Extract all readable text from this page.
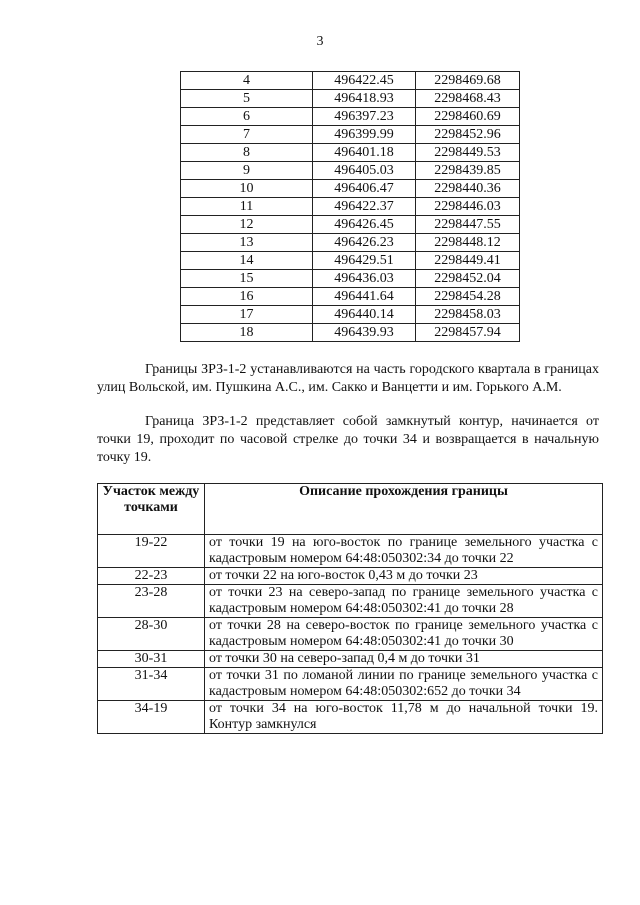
3
4	496422.45	2298469.68
5	496418.93	2298468.43
6	496397.23	2298460.69
7	496399.99	2298452.96
8	496401.18	2298449.53
9	496405.03	2298439.85
10	496406.47	2298440.36
11	496422.37	2298446.03
12	496426.45	2298447.55
13	496426.23	2298448.12
14	496429.51	2298449.41
15	496436.03	2298452.04
16	496441.64	2298454.28
17	496440.14	2298458.03
18	496439.93	2298457.94

Границы ЗРЗ-1-2 устанавливаются на часть городского квартала в границах улиц Вольской, им. Пушкина А.С., им. Сакко и Ванцетти и им. Горького А.М.

Граница ЗРЗ-1-2 представляет собой замкнутый контур, начинается от точки 19, проходит по часовой стрелке до точки 34 и возвращается в начальную точку 19.

Участок между точками	Описание прохождения границы
19-22	от точки 19 на юго-восток по границе земельного участка с кадастровым номером 64:48:050302:34 до точки 22
22-23	от точки 22 на юго-восток 0,43 м до точки 23
23-28	от точки 23 на северо-запад по границе земельного участка с кадастровым номером 64:48:050302:41 до точки 28
28-30	от точки 28 на северо-восток по границе земельного участка с кадастровым номером 64:48:050302:41 до точки 30
30-31	от точки 30 на северо-запад 0,4 м до точки 31
31-34	от точки 31 по ломаной линии по границе земельного участка с кадастровым номером 64:48:050302:652 до точки 34
34-19	от точки 34 на юго-восток 11,78 м до начальной точки 19. Контур замкнулся
